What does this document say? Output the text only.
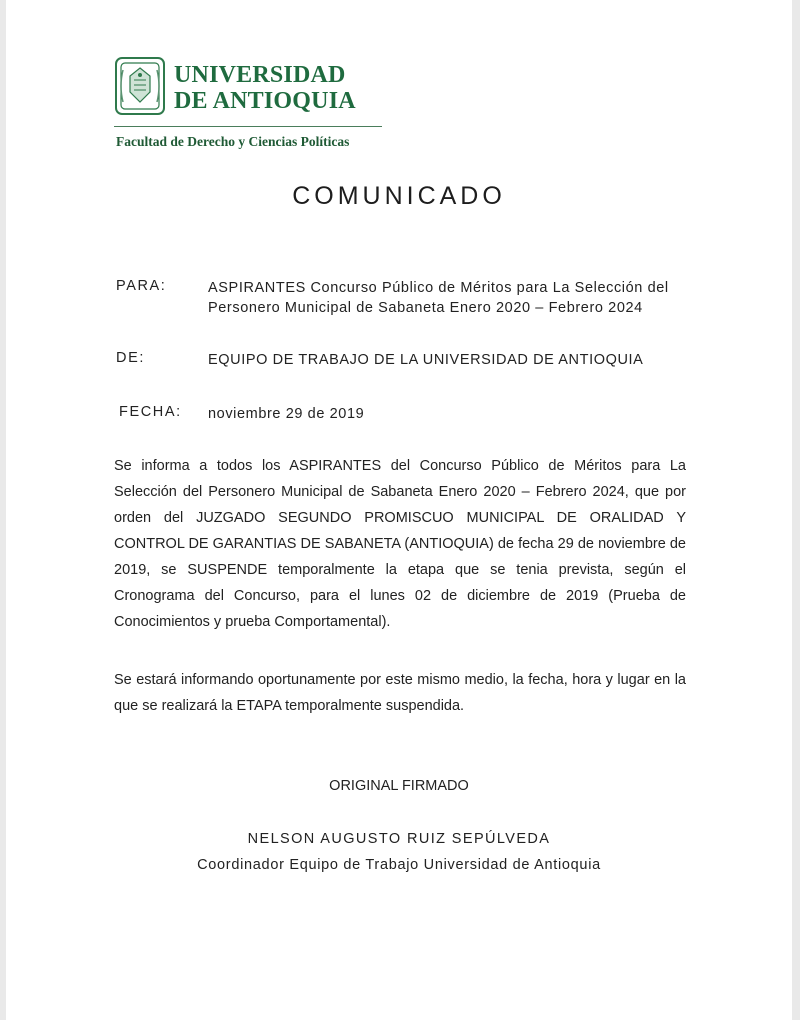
UNIVERSIDAD
DE ANTIOQUIA
Facultad de Derecho y Ciencias Políticas
COMUNICADO
PARA:	ASPIRANTES Concurso Público de Méritos para La Selección del Personero Municipal de Sabaneta Enero 2020 – Febrero 2024
DE:	EQUIPO DE TRABAJO DE LA UNIVERSIDAD DE ANTIOQUIA
FECHA: noviembre 29 de 2019
Se informa a todos los ASPIRANTES del Concurso Público de Méritos para La Selección del Personero Municipal de Sabaneta Enero 2020 – Febrero 2024, que por orden del JUZGADO SEGUNDO PROMISCUO MUNICIPAL DE ORALIDAD Y CONTROL DE GARANTIAS DE SABANETA (ANTIOQUIA) de fecha 29 de noviembre de 2019, se SUSPENDE temporalmente la etapa que se tenia prevista, según el Cronograma del Concurso, para el lunes 02 de diciembre de 2019 (Prueba de Conocimientos y prueba Comportamental).
Se estará informando oportunamente por este mismo medio, la fecha, hora y lugar en la que se realizará la ETAPA temporalmente suspendida.
ORIGINAL FIRMADO
NELSON AUGUSTO RUIZ SEPÚLVEDA
Coordinador Equipo de Trabajo Universidad de Antioquia
